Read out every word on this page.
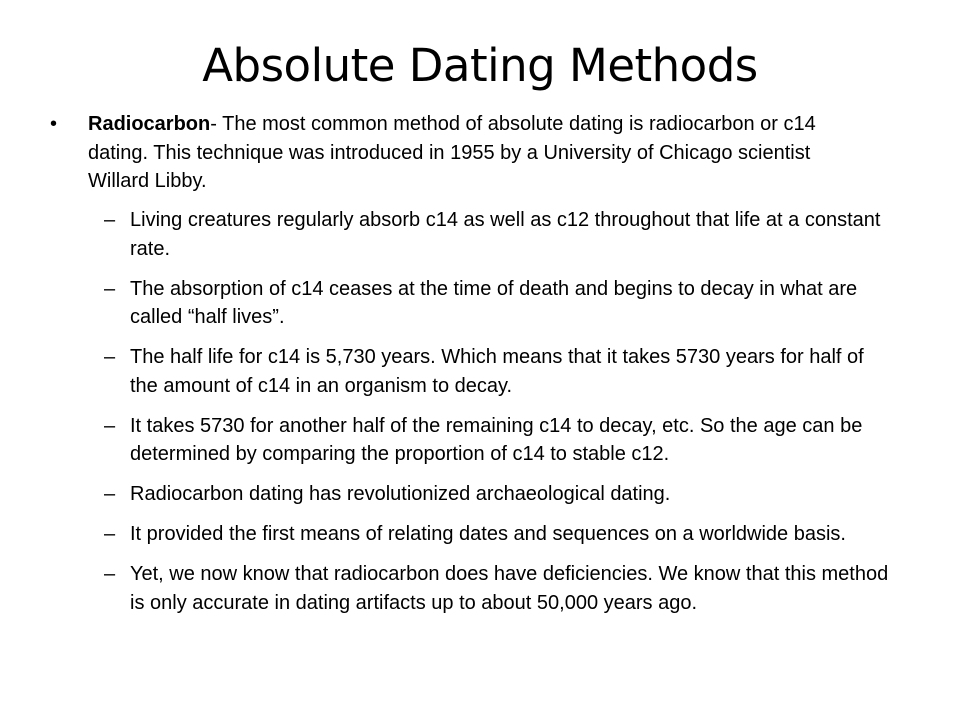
Absolute Dating Methods
•	Radiocarbon- The most common method of absolute dating is radiocarbon or c14 dating. This technique was introduced in 1955 by a University of Chicago scientist Willard Libby.
– Living creatures regularly absorb c14 as well as c12 throughout that life at a constant rate.
– The absorption of c14 ceases at the time of death and begins to decay in what are called “half lives”.
– The half life for c14 is 5,730 years. Which means that it takes 5730 years for half of the amount of c14 in an organism to decay.
– It takes 5730 for another half of the remaining c14 to decay, etc. So the age can be determined by comparing the proportion of c14 to stable c12.
– Radiocarbon dating has revolutionized archaeological dating.
– It provided the first means of relating dates and sequences on a worldwide basis.
– Yet, we now know that radiocarbon does have deficiencies. We know that this method is only accurate in dating artifacts up to about 50,000 years ago.
